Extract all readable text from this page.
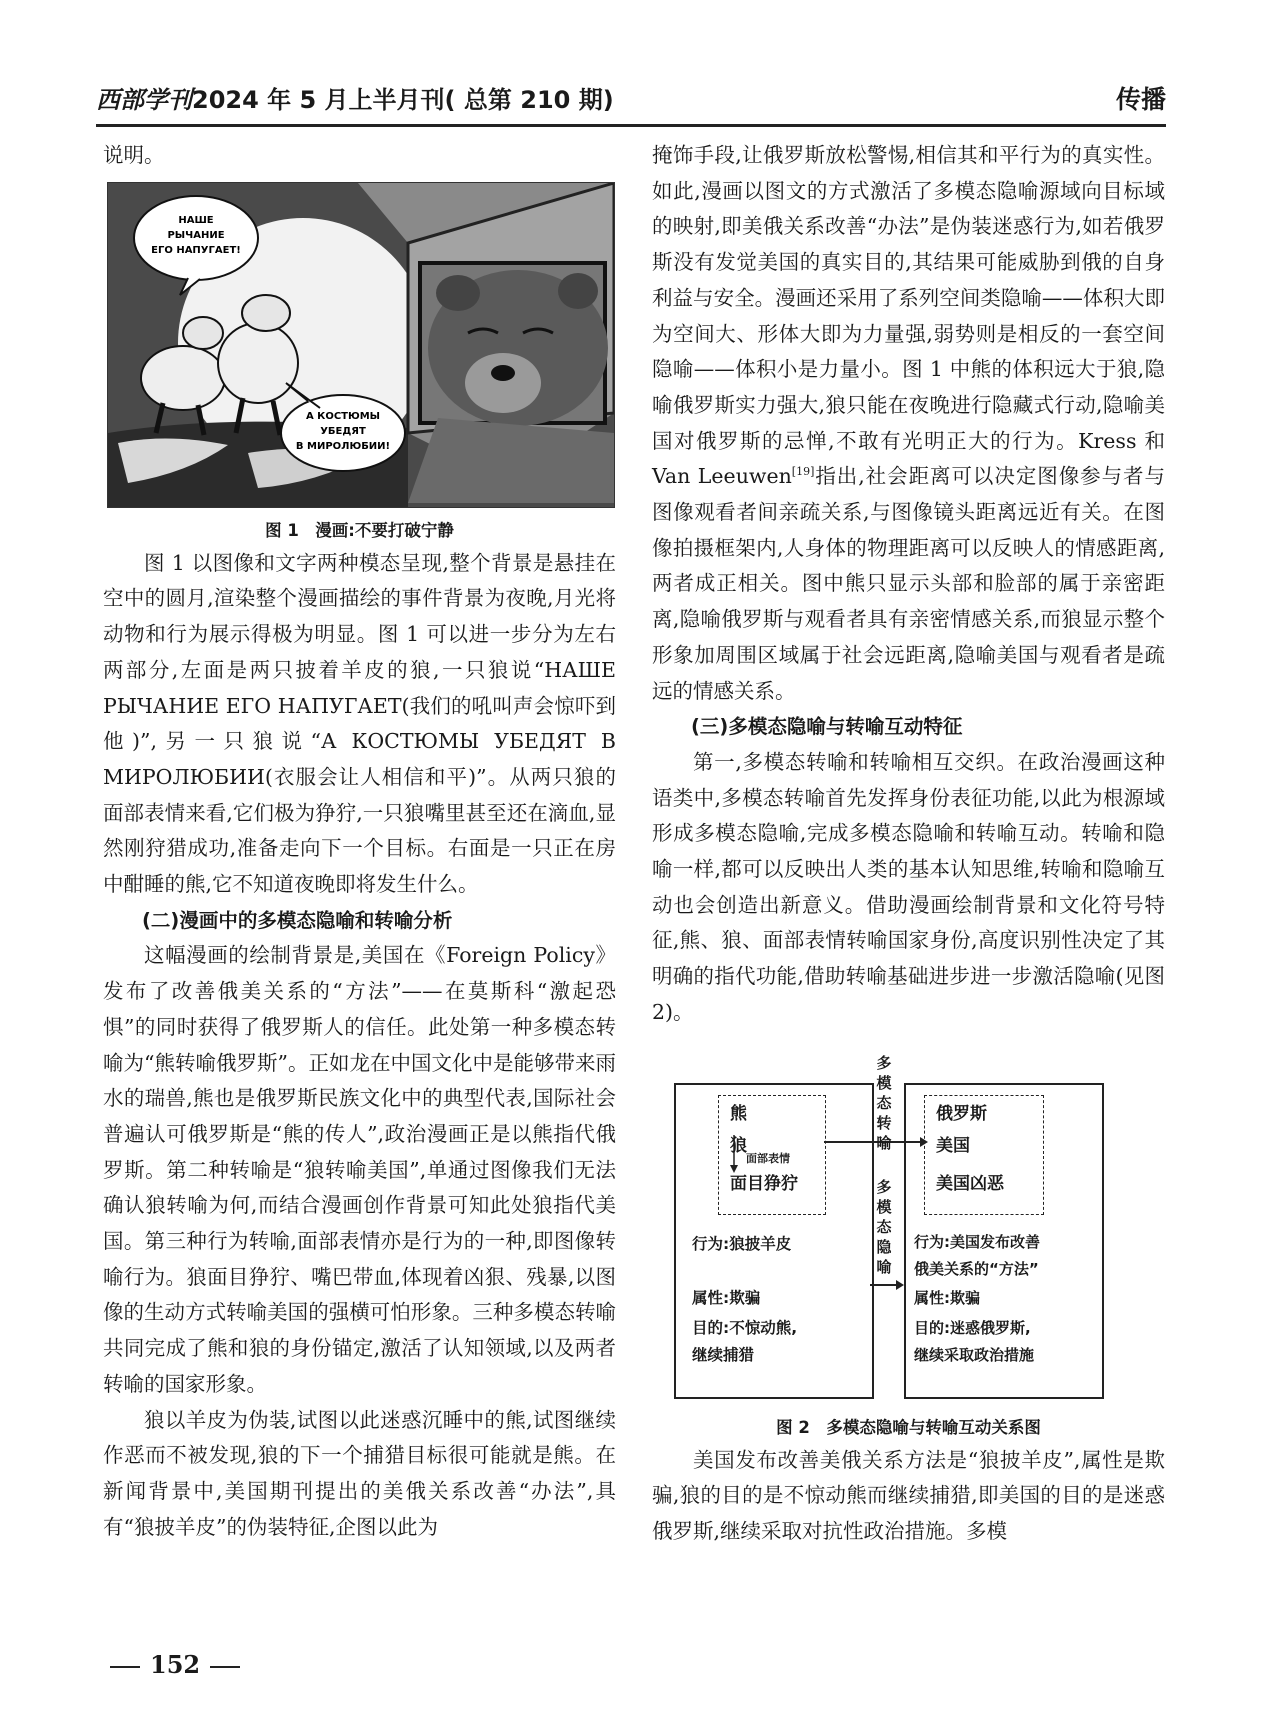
西部学刊2024 年 5 月上半月刊( 总第 210 期)	传播

说明。

НАШЕ
РЫЧАНИЕ
ЕГО НАПУГАЕТ!
А КОСТЮМЫ
УБЕДЯТ
В МИРОЛЮБИИ!
图 1　漫画:不要打破宁静

图 1 以图像和文字两种模态呈现,整个背景是悬挂在空中的圆月,渲染整个漫画描绘的事件背景为夜晚,月光将动物和行为展示得极为明显。图 1 可以进一步分为左右两部分,左面是两只披着羊皮的狼,一只狼说“НАШЕ РЫЧАНИЕ ЕГО НАПУГАЕТ(我们的吼叫声会惊吓到他)”,另一只狼说“А КОСТЮМЫ УБЕДЯТ В МИРОЛЮБИИ(衣服会让人相信和平)”。从两只狼的面部表情来看,它们极为狰狞,一只狼嘴里甚至还在滴血,显然刚狩猎成功,准备走向下一个目标。右面是一只正在房中酣睡的熊,它不知道夜晚即将发生什么。

(二)漫画中的多模态隐喻和转喻分析

这幅漫画的绘制背景是,美国在《Foreign Policy》发布了改善俄美关系的“方法”——在莫斯科“激起恐惧”的同时获得了俄罗斯人的信任。此处第一种多模态转喻为“熊转喻俄罗斯”。正如龙在中国文化中是能够带来雨水的瑞兽,熊也是俄罗斯民族文化中的典型代表,国际社会普遍认可俄罗斯是“熊的传人”,政治漫画正是以熊指代俄罗斯。第二种转喻是“狼转喻美国”,单通过图像我们无法确认狼转喻为何,而结合漫画创作背景可知此处狼指代美国。第三种行为转喻,面部表情亦是行为的一种,即图像转喻行为。狼面目狰狞、嘴巴带血,体现着凶狠、残暴,以图像的生动方式转喻美国的强横可怕形象。三种多模态转喻共同完成了熊和狼的身份锚定,激活了认知领域,以及两者转喻的国家形象。

狼以羊皮为伪装,试图以此迷惑沉睡中的熊,试图继续作恶而不被发现,狼的下一个捕猎目标很可能就是熊。在新闻背景中,美国期刊提出的美俄关系改善“办法”,具有“狼披羊皮”的伪装特征,企图以此为

掩饰手段,让俄罗斯放松警惕,相信其和平行为的真实性。如此,漫画以图文的方式激活了多模态隐喻源域向目标域的映射,即美俄关系改善“办法”是伪装迷惑行为,如若俄罗斯没有发觉美国的真实目的,其结果可能威胁到俄的自身利益与安全。漫画还采用了系列空间类隐喻——体积大即为空间大、形体大即为力量强,弱势则是相反的一套空间隐喻——体积小是力量小。图 1 中熊的体积远大于狼,隐喻俄罗斯实力强大,狼只能在夜晚进行隐藏式行动,隐喻美国对俄罗斯的忌惮,不敢有光明正大的行为。Kress 和 Van Leeuwen[19]指出,社会距离可以决定图像参与者与图像观看者间亲疏关系,与图像镜头距离远近有关。在图像拍摄框架内,人身体的物理距离可以反映人的情感距离,两者成正相关。图中熊只显示头部和脸部的属于亲密距离,隐喻俄罗斯与观看者具有亲密情感关系,而狼显示整个形象加周围区域属于社会远距离,隐喻美国与观看者是疏远的情感关系。

(三)多模态隐喻与转喻互动特征

第一,多模态转喻和转喻相互交织。在政治漫画这种语类中,多模态转喻首先发挥身份表征功能,以此为根源域形成多模态隐喻,完成多模态隐喻和转喻互动。转喻和隐喻一样,都可以反映出人类的基本认知思维,转喻和隐喻互动也会创造出新意义。借助漫画绘制背景和文化符号特征,熊、狼、面部表情转喻国家身份,高度识别性决定了其明确的指代功能,借助转喻基础进步进一步激活隐喻(见图 2)。

熊
狼
面部表情
面目狰狞
行为:狼披羊皮
属性:欺骗
目的:不惊动熊,
继续捕猎
多模态转喻
多模态隐喻
俄罗斯
美国
美国凶恶
行为:美国发布改善
俄美关系的“方法”
属性:欺骗
目的:迷惑俄罗斯,
继续采取政治措施
图 2　多模态隐喻与转喻互动关系图

美国发布改善美俄关系方法是“狼披羊皮”,属性是欺骗,狼的目的是不惊动熊而继续捕猎,即美国的目的是迷惑俄罗斯,继续采取对抗性政治措施。多模

152
